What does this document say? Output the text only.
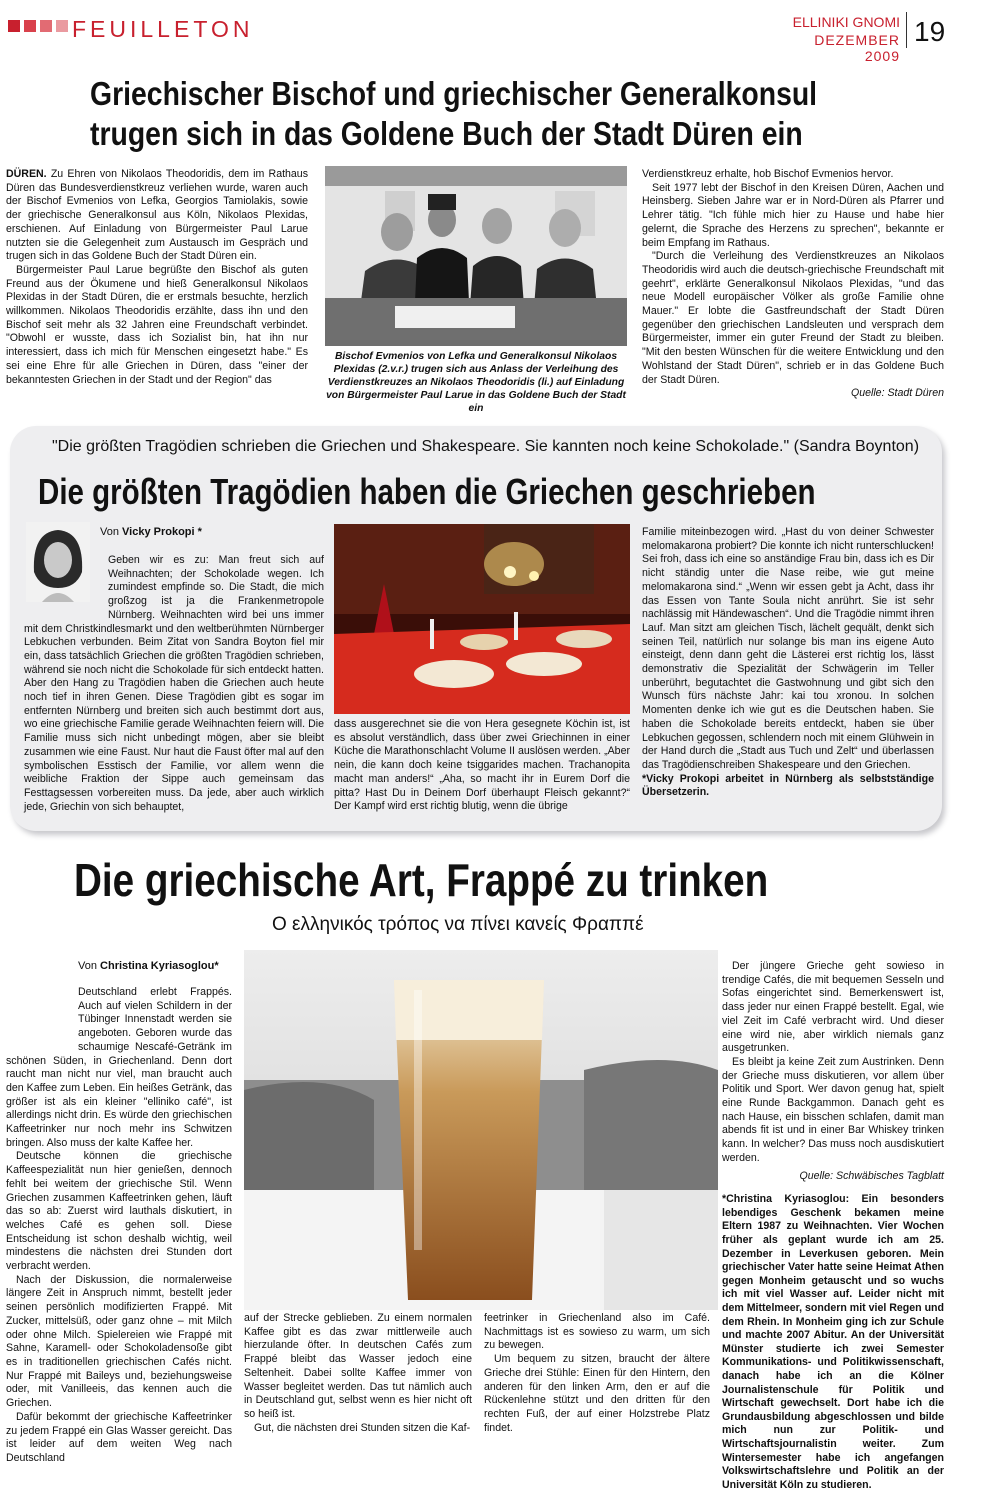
FEUILLETON	ELLINIKI GNOMI
DEZEMBER 2009
19
Griechischer Bischof und griechischer Generalkonsul
trugen sich in das Goldene Buch der Stadt Düren ein

DÜREN. Zu Ehren von Nikolaos Theodoridis, dem im Rathaus Düren das Bundesverdienstkreuz verliehen wurde, waren auch der Bischof Evmenios von Lefka, Georgios Tamiolakis, sowie der griechische Generalkonsul aus Köln, Nikolaos Plexidas, erschienen. Auf Einladung von Bürgermeister Paul Larue nutzten sie die Gelegenheit zum Austausch im Gespräch und trugen sich in das Goldene Buch der Stadt Düren ein.

Bürgermeister Paul Larue begrüßte den Bischof als guten Freund aus der Ökumene und hieß Generalkonsul Nikolaos Plexidas in der Stadt Düren, die er erstmals besuchte, herzlich willkommen. Nikolaos Theodoridis erzählte, dass ihn und den Bischof seit mehr als 32 Jahren eine Freundschaft verbindet. "Obwohl er wusste, dass ich Sozialist bin, hat ihn nur interessiert, dass ich mich für Menschen eingesetzt habe." Es sei eine Ehre für alle Griechen in Düren, dass "einer der bekanntesten Griechen in der Stadt und der Region" das

Bischof Evmenios von Lefka und Generalkonsul Nikolaos Plexidas (2.v.r.) trugen sich aus Anlass der Verleihung des Verdienstkreuzes an Nikolaos Theodoridis (li.) auf Einladung von Bürgermeister Paul Larue in das Goldene Buch der Stadt ein

Verdienstkreuz erhalte, hob Bischof Evmenios hervor.

Seit 1977 lebt der Bischof in den Kreisen Düren, Aachen und Heinsberg. Sieben Jahre war er in Nord-Düren als Pfarrer und Lehrer tätig. "Ich fühle mich hier zu Hause und habe hier gelernt, die Sprache des Herzens zu sprechen", bekannte er beim Empfang im Rathaus.

"Durch die Verleihung des Verdienstkreuzes an Nikolaos Theodoridis wird auch die deutsch-griechische Freundschaft mit geehrt", erklärte Generalkonsul Nikolaos Plexidas, "und das neue Modell europäischer Völker als große Familie ohne Mauer." Er lobte die Gastfreundschaft der Stadt Düren gegenüber den griechischen Landsleuten und versprach dem Bürgermeister, immer ein guter Freund der Stadt zu bleiben. "Mit den besten Wünschen für die weitere Entwicklung und den Wohlstand der Stadt Düren", schrieb er in das Goldene Buch der Stadt Düren.

Quelle: Stadt Düren
"Die größten Tragödien schrieben die Griechen und Shakespeare. Sie kannten noch keine Schokolade." (Sandra Boynton)
Die größten Tragödien haben die Griechen geschrieben
Von Vicky Prokopi *

Geben wir es zu: Man freut sich auf Weihnachten; der Schokolade wegen. Ich zumindest empfinde so. Die Stadt, die mich großzog ist ja die Frankenmetropole Nürnberg. Weihnachten wird bei uns immer mit dem Christkindlesmarkt und den weltberühmten Nürnberger Lebkuchen verbunden. Beim Zitat von Sandra Boyton fiel mir ein, dass tatsächlich Griechen die größten Tragödien schrieben, während sie noch nicht die Schokolade für sich entdeckt hatten. Aber den Hang zu Tragödien haben die Griechen auch heute noch tief in ihren Genen. Diese Tragödien gibt es sogar im entfernten Nürnberg und breiten sich auch bestimmt dort aus, wo eine griechische Familie gerade Weihnachten feiern will. Die Familie muss sich nicht unbedingt mögen, aber sie bleibt zusammen wie eine Faust. Nur haut die Faust öfter mal auf den symbolischen Esstisch der Familie, vor allem wenn die weibliche Fraktion der Sippe auch gemeinsam das Festtagsessen vorbereiten muss. Da jede, aber auch wirklich jede, Griechin von sich behauptet,

dass ausgerechnet sie die von Hera gesegnete Köchin ist, ist es absolut verständlich, dass über zwei Griechinnen in einer Küche die Marathonschlacht Volume II auslösen werden. „Aber nein, die kann doch keine tsiggarides machen. Trachanopita macht man anders!“ „Aha, so macht ihr in Eurem Dorf die pitta? Hast Du in Deinem Dorf überhaupt Fleisch gekannt?“ Der Kampf wird erst richtig blutig, wenn die übrige

Familie miteinbezogen wird. „Hast du von deiner Schwester melomakarona probiert? Die konnte ich nicht runterschlucken! Sei froh, dass ich eine so anständige Frau bin, dass ich es Dir nicht ständig unter die Nase reibe, wie gut meine melomakarona sind.“ „Wenn wir essen gebt ja Acht, dass ihr das Essen von Tante Soula nicht anrührt. Sie ist sehr nachlässig mit Händewaschen“. Und die Tragödie nimmt ihren Lauf. Man sitzt am gleichen Tisch, lächelt gequält, denkt sich seinen Teil, natürlich nur solange bis man ins eigene Auto einsteigt, denn dann geht die Lästerei erst richtig los, lässt demonstrativ die Spezialität der Schwägerin im Teller unberührt, begutachtet die Gastwohnung und gibt sich den Wunsch fürs nächste Jahr: kai tou xronou. In solchen Momenten denke ich wie gut es die Deutschen haben. Sie haben die Schokolade bereits entdeckt, haben sie über Lebkuchen gegossen, schlendern noch mit einem Glühwein in der Hand durch die „Stadt aus Tuch und Zelt“ und überlassen das Tragödienschreiben Shakespeare und den Griechen.

*Vicky Prokopi arbeitet in Nürnberg als selbstständige Übersetzerin.

Die griechische Art, Frappé zu trinken
Ο ελληνικός τρόπος να πίνει κανείς Φραππέ
Von Christina Kyriasoglou*

Deutschland erlebt Frappés. Auch auf vielen Schildern in der Tübinger Innenstadt werden sie angeboten. Geboren wurde das schaumige Nescafé-Getränk im schönen Süden, in Griechenland. Denn dort raucht man nicht nur viel, man braucht auch den Kaffee zum Leben. Ein heißes Getränk, das größer ist als ein kleiner "elliniko café", ist allerdings nicht drin. Es würde den griechischen Kaffeetrinker nur noch mehr ins Schwitzen bringen. Also muss der kalte Kaffee her.

Deutsche können die griechische Kaffeespezialität nun hier genießen, dennoch fehlt bei weitem der griechische Stil. Wenn Griechen zusammen Kaffeetrinken gehen, läuft das so ab: Zuerst wird lauthals diskutiert, in welches Café es gehen soll. Diese Entscheidung ist schon deshalb wichtig, weil mindestens die nächsten drei Stunden dort verbracht werden.

Nach der Diskussion, die normalerweise längere Zeit in Anspruch nimmt, bestellt jeder seinen persönlich modifizierten Frappé. Mit Zucker, mittelsüß, oder ganz ohne – mit Milch oder ohne Milch. Spielereien wie Frappé mit Sahne, Karamell- oder Schokoladensoße gibt es in traditionellen griechischen Cafés nicht. Nur Frappé mit Baileys und, beziehungsweise oder, mit Vanilleeis, das kennen auch die Griechen.

Dafür bekommt der griechische Kaffeetrinker zu jedem Frappé ein Glas Wasser gereicht. Das ist leider auf dem weiten Weg nach Deutschland

auf der Strecke geblieben. Zu einem normalen Kaffee gibt es das zwar mittlerweile auch hierzulande öfter. In deutschen Cafés zum Frappé bleibt das Wasser jedoch eine Seltenheit. Dabei sollte Kaffee immer von Wasser begleitet werden. Das tut nämlich auch in Deutschland gut, selbst wenn es hier nicht oft so heiß ist.

Gut, die nächsten drei Stunden sitzen die Kaf-

feetrinker in Griechenland also im Café. Nachmittags ist es sowieso zu warm, um sich zu bewegen.

Um bequem zu sitzen, braucht der ältere Grieche drei Stühle: Einen für den Hintern, den anderen für den linken Arm, den er auf die Rückenlehne stützt und den dritten für den rechten Fuß, der auf einer Holzstrebe Platz findet.

Der jüngere Grieche geht sowieso in trendige Cafés, die mit bequemen Sesseln und Sofas eingerichtet sind. Bemerkenswert ist, dass jeder nur einen Frappé bestellt. Egal, wie viel Zeit im Café verbracht wird. Und dieser eine wird nie, aber wirklich niemals ganz ausgetrunken.

Es bleibt ja keine Zeit zum Austrinken. Denn der Grieche muss diskutieren, vor allem über Politik und Sport. Wer davon genug hat, spielt eine Runde Backgammon. Danach geht es nach Hause, ein bisschen schlafen, damit man abends fit ist und in einer Bar Whiskey trinken kann. In welcher? Das muss noch ausdiskutiert werden.

Quelle: Schwäbisches Tagblatt

*Christina Kyriasoglou: Ein besonders lebendiges Geschenk bekamen meine Eltern 1987 zu Weihnachten. Vier Wochen früher als geplant wurde ich am 25. Dezember in Leverkusen geboren. Mein griechischer Vater hatte seine Heimat Athen gegen Monheim getauscht und so wuchs ich mit viel Wasser auf. Leider nicht mit dem Mittelmeer, sondern mit viel Regen und dem Rhein. In Monheim ging ich zur Schule und machte 2007 Abitur. An der Universität Münster studierte ich zwei Semester Kommunikations- und Politikwissenschaft, danach habe ich an die Kölner Journalistenschule für Politik und Wirtschaft gewechselt. Dort habe ich die Grundausbildung abgeschlossen und bilde mich nun zur Politik- und Wirtschaftsjournalistin weiter. Zum Wintersemester habe ich angefangen Volkswirtschaftslehre und Politik an der Universität Köln zu studieren.
